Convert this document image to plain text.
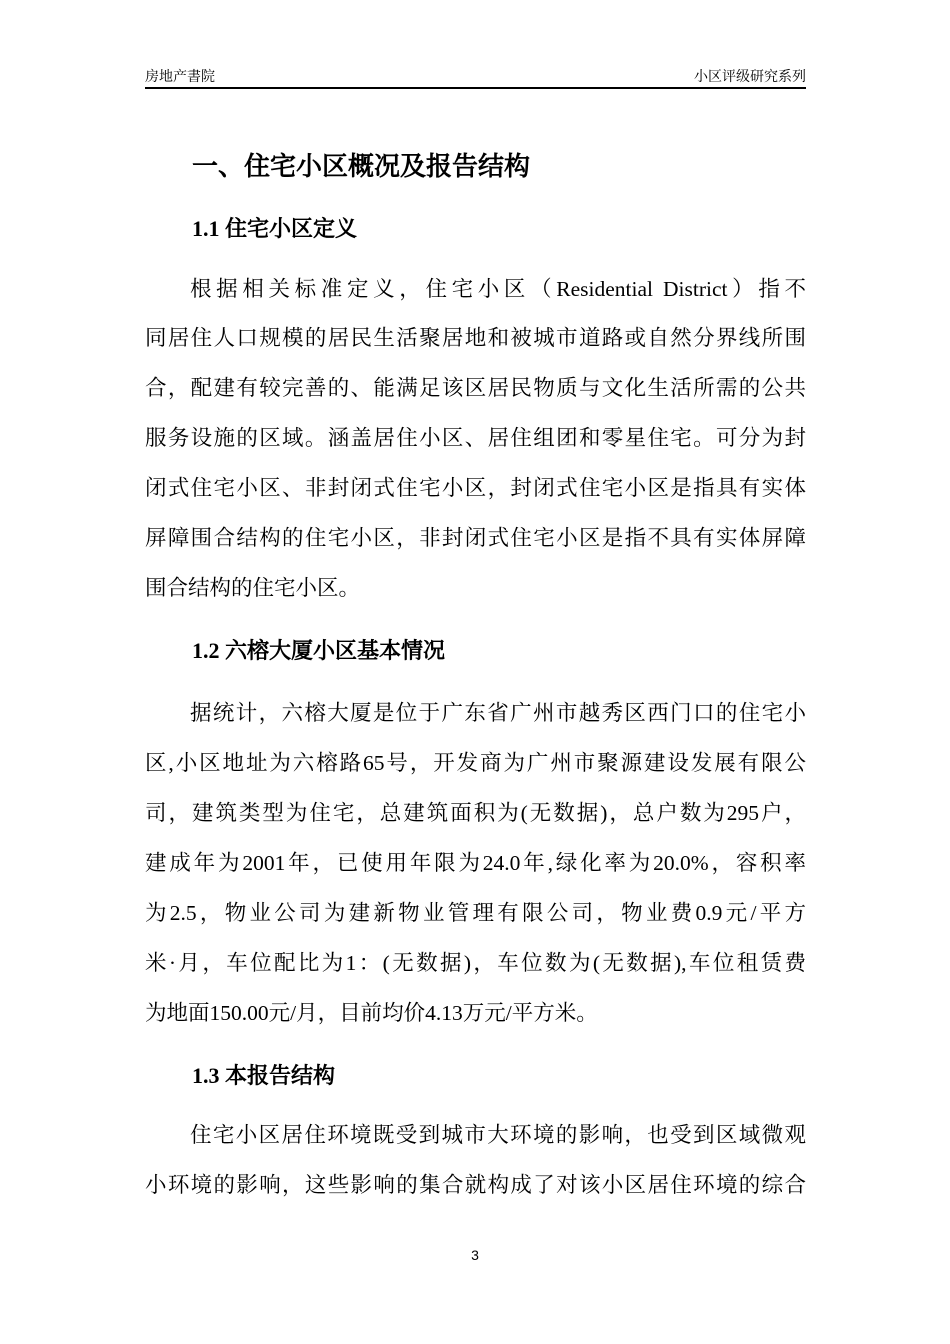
房地产書院	小区评级研究系列
一、住宅小区概况及报告结构
1.1 住宅小区定义
根据相关标准定义，住宅小区（Residential District）指不
同居住人口规模的居民生活聚居地和被城市道路或自然分界线所围
合，配建有较完善的、能满足该区居民物质与文化生活所需的公共
服务设施的区域。涵盖居住小区、居住组团和零星住宅。可分为封
闭式住宅小区、非封闭式住宅小区，封闭式住宅小区是指具有实体
屏障围合结构的住宅小区，非封闭式住宅小区是指不具有实体屏障
围合结构的住宅小区。
1.2 六榕大厦小区基本情况
据统计，六榕大厦是位于广东省广州市越秀区西门口的住宅小
区,小区地址为六榕路65号，开发商为广州市聚源建设发展有限公
司，建筑类型为住宅，总建筑面积为(无数据)，总户数为295户，
建成年为2001年，已使用年限为24.0年,绿化率为20.0%，容积率
为2.5，物业公司为建新物业管理有限公司，物业费0.9元/平方
米·月，车位配比为1：(无数据)，车位数为(无数据),车位租赁费
为地面150.00元/月，目前均价4.13万元/平方米。
1.3 本报告结构
住宅小区居住环境既受到城市大环境的影响，也受到区域微观
小环境的影响，这些影响的集合就构成了对该小区居住环境的综合
3
